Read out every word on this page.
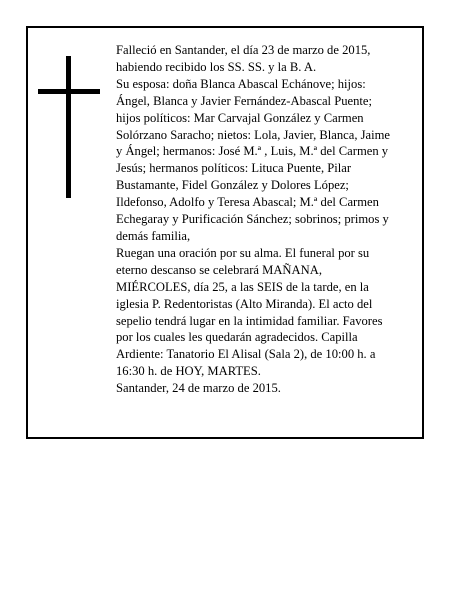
Falleció en Santander, el día 23 de marzo de 2015,
habiendo recibido los SS. SS. y la B. A.
Su esposa: doña Blanca Abascal Echánove; hijos:
Ángel, Blanca y Javier Fernández-Abascal Puente;
hijos políticos: Mar Carvajal González y Carmen
Solórzano Saracho; nietos: Lola, Javier, Blanca, Jaime
y Ángel; hermanos: José M.ª , Luis, M.ª del Carmen y
Jesús; hermanos políticos: Lituca Puente, Pilar
Bustamante, Fidel González y Dolores López;
Ildefonso, Adolfo y Teresa Abascal; M.ª del Carmen
Echegaray y Purificación Sánchez; sobrinos; primos y
demás familia,
Ruegan una oración por su alma. El funeral por su
eterno descanso se celebrará MAÑANA,
MIÉRCOLES, día 25, a las SEIS de la tarde, en la
iglesia P. Redentoristas (Alto Miranda). El acto del
sepelio tendrá lugar en la intimidad familiar. Favores
por los cuales les quedarán agradecidos. Capilla
Ardiente: Tanatorio El Alisal (Sala 2), de 10:00 h. a
16:30 h. de HOY, MARTES.
Santander, 24 de marzo de 2015.
